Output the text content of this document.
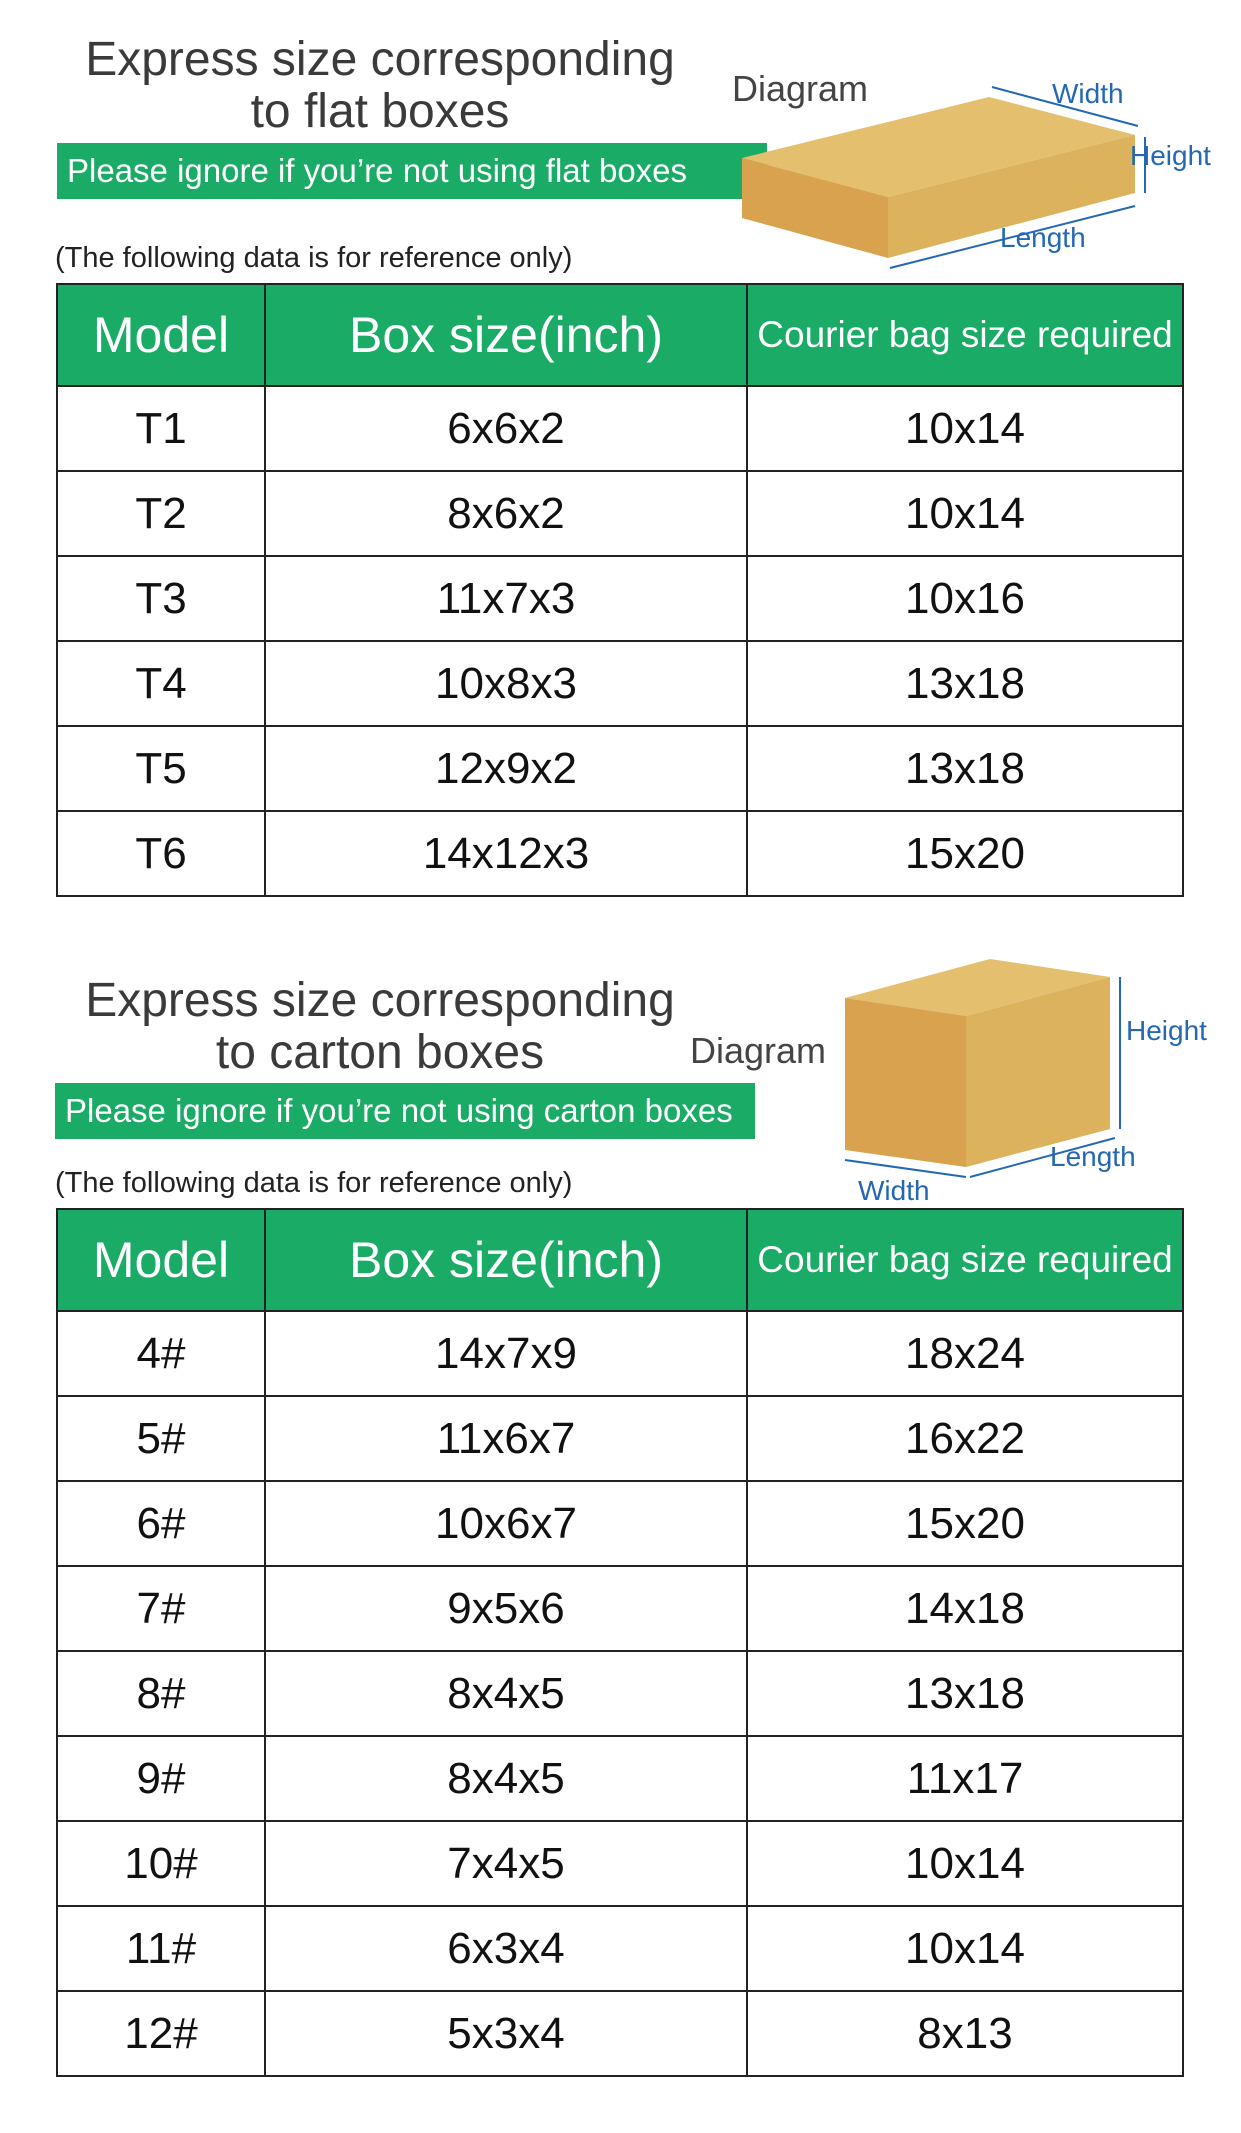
Express size corresponding
to flat boxes
Please ignore if you’re not using flat boxes
(The following data is for reference only)
Diagram	Width
Height
Length
Model	Box size(inch)	Courier bag size required
T1	6x6x2	10x14
T2	8x6x2	10x14
T3	11x7x3	10x16
T4	10x8x3	13x18
T5	12x9x2	13x18
T6	14x12x3	15x20
Express size corresponding
to carton boxes
Please ignore if you’re not using carton boxes
(The following data is for reference only)
Diagram	Height
Length
Width
Model	Box size(inch)	Courier bag size required
4#	14x7x9	18x24
5#	11x6x7	16x22
6#	10x6x7	15x20
7#	9x5x6	14x18
8#	8x4x5	13x18
9#	8x4x5	11x17
10#	7x4x5	10x14
11#	6x3x4	10x14
12#	5x3x4	8x13
